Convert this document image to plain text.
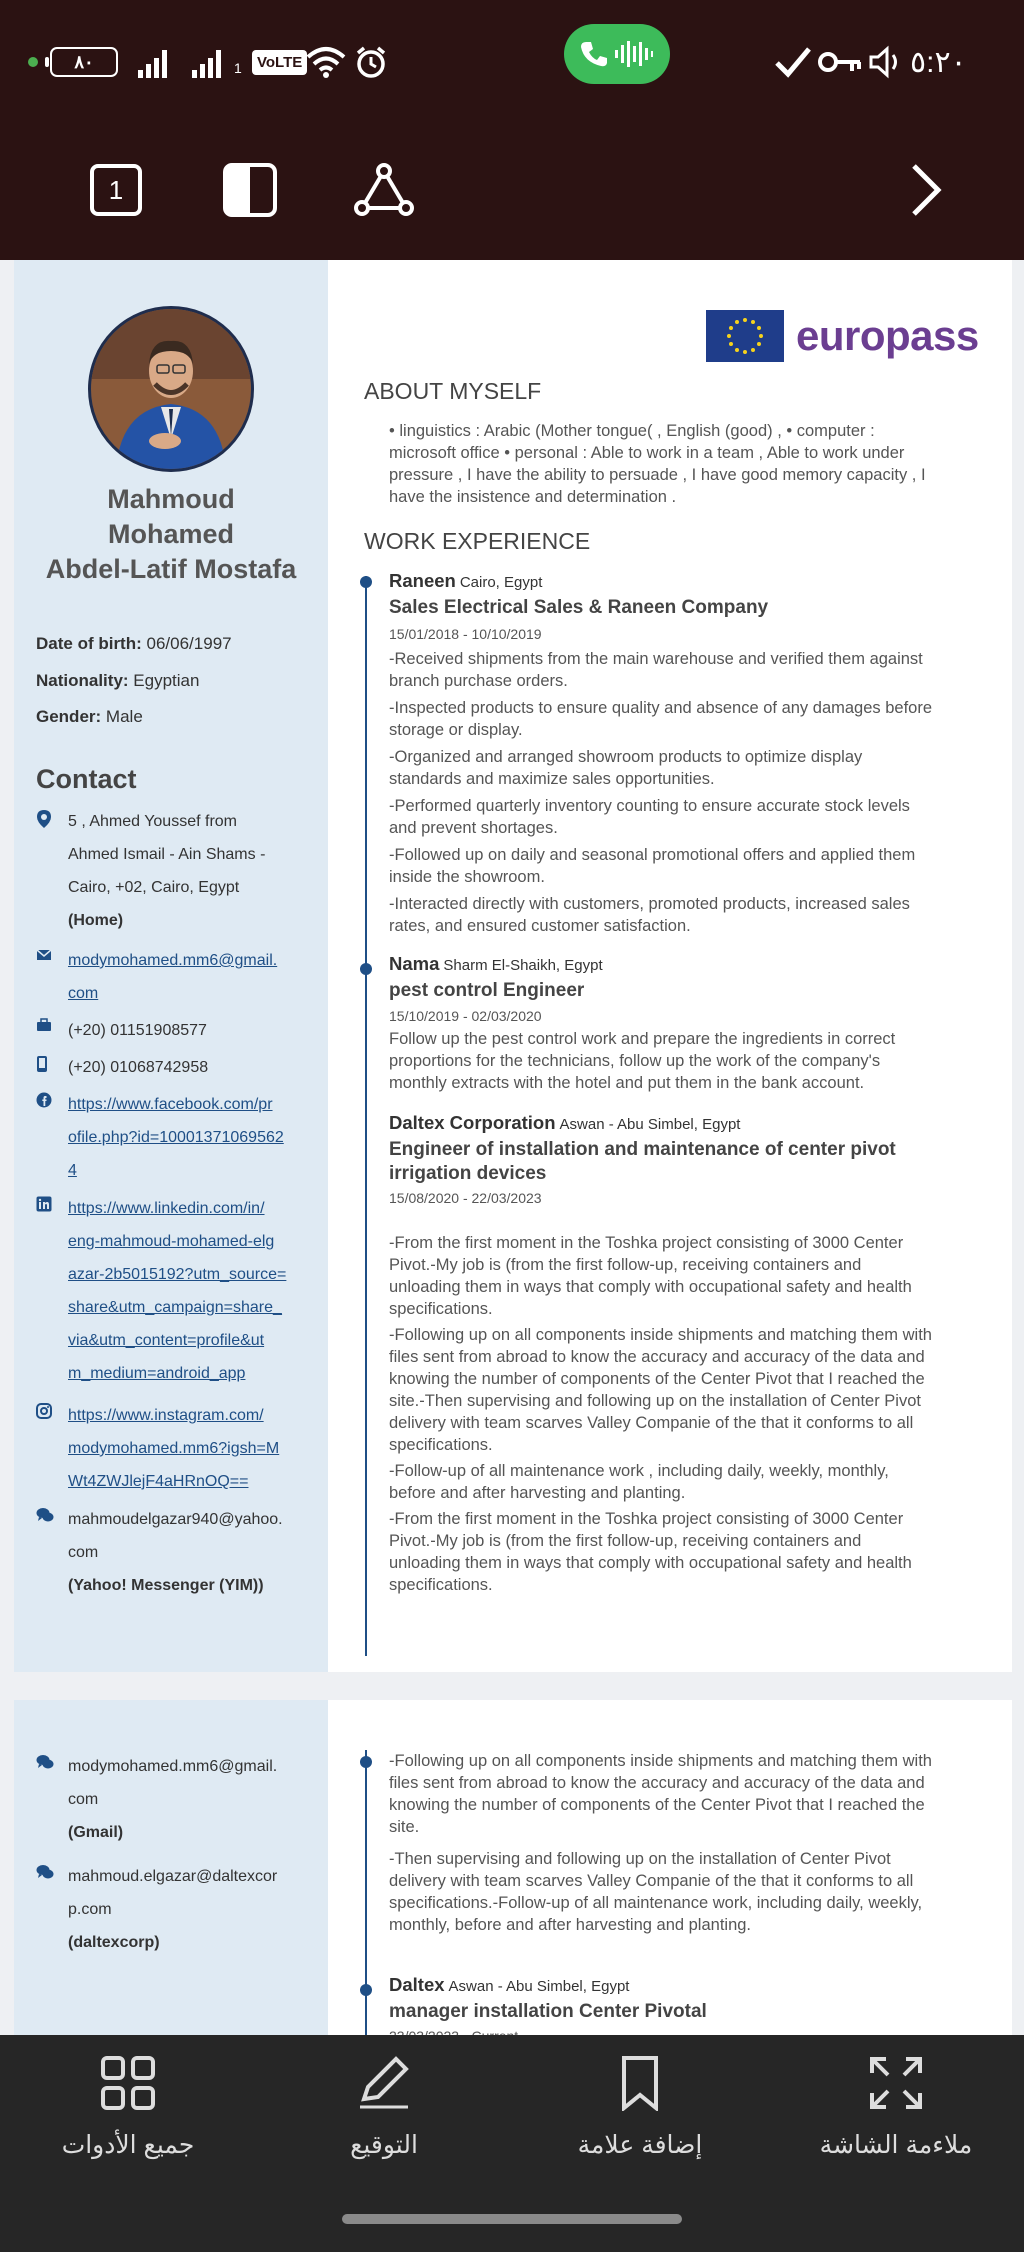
٨٠	1	VoLTE	٥:٢٠
1
Mahmoud
Mohamed
Abdel-Latif Mostafa
Date of birth: 06/06/1997
Nationality: Egyptian
Gender: Male
Contact
5 , Ahmed Youssef from
Ahmed Ismail - Ain Shams -
Cairo, +02, Cairo, Egypt
(Home)
modymohamed.mm6@gmail.
com
(+20) 01151908577
(+20) 01068742958
https://www.facebook.com/pr
ofile.php?id=10001371069562
4
https://www.linkedin.com/in/
eng-mahmoud-mohamed-elg
azar-2b5015192?utm_source=
share&utm_campaign=share_
via&utm_content=profile&ut
m_medium=android_app
https://www.instagram.com/
modymohamed.mm6?igsh=M
Wt4ZWJlejF4aHRnOQ==
mahmoudelgazar940@yahoo.
com
(Yahoo! Messenger (YIM))
europass
ABOUT MYSELF
• linguistics : Arabic (Mother tongue( , English (good) , • computer :
microsoft office • personal : Able to work in a team , Able to work under
pressure , I have the ability to persuade , I have good memory capacity , I
have the insistence and determination .
WORK EXPERIENCE
Raneen Cairo, Egypt
Sales Electrical Sales & Raneen Company
15/01/2018 - 10/10/2019
-Received shipments from the main warehouse and verified them against
branch purchase orders.
-Inspected products to ensure quality and absence of any damages before
storage or display.
-Organized and arranged showroom products to optimize display
standards and maximize sales opportunities.
-Performed quarterly inventory counting to ensure accurate stock levels
and prevent shortages.
-Followed up on daily and seasonal promotional offers and applied them
inside the showroom.
-Interacted directly with customers, promoted products, increased sales
rates, and ensured customer satisfaction.
Nama Sharm El-Shaikh, Egypt
pest control Engineer
15/10/2019 - 02/03/2020
Follow up the pest control work and prepare the ingredients in correct
proportions for the technicians, follow up the work of the company's
monthly extracts with the hotel and put them in the bank account.
Daltex Corporation Aswan - Abu Simbel, Egypt
Engineer of installation and maintenance of center pivot
irrigation devices
15/08/2020 - 22/03/2023
-From the first moment in the Toshka project consisting of 3000 Center
Pivot.-My job is (from the first follow-up, receiving containers and
unloading them in ways that comply with occupational safety and health
specifications.
-Following up on all components inside shipments and matching them with
files sent from abroad to know the accuracy and accuracy of the data and
knowing the number of components of the Center Pivot that I reached the
site.-Then supervising and following up on the installation of Center Pivot
delivery with team scarves Valley Companie of the that it conforms to all
specifications.
-Follow-up of all maintenance work , including daily, weekly, monthly,
before and after harvesting and planting.
-From the first moment in the Toshka project consisting of 3000 Center
Pivot.-My job is (from the first follow-up, receiving containers and
unloading them in ways that comply with occupational safety and health
specifications.
modymohamed.mm6@gmail.
com
(Gmail)
mahmoud.elgazar@daltexcor
p.com
(daltexcorp)
-Following up on all components inside shipments and matching them with
files sent from abroad to know the accuracy and accuracy of the data and
knowing the number of components of the Center Pivot that I reached the
site.
-Then supervising and following up on the installation of Center Pivot
delivery with team scarves Valley Companie of the that it conforms to all
specifications.-Follow-up of all maintenance work, including daily, weekly,
monthly, before and after harvesting and planting.
Daltex Aswan - Abu Simbel, Egypt
manager installation Center Pivotal
جميع الأدوات	التوقيع	إضافة علامة	ملاءمة الشاشة
